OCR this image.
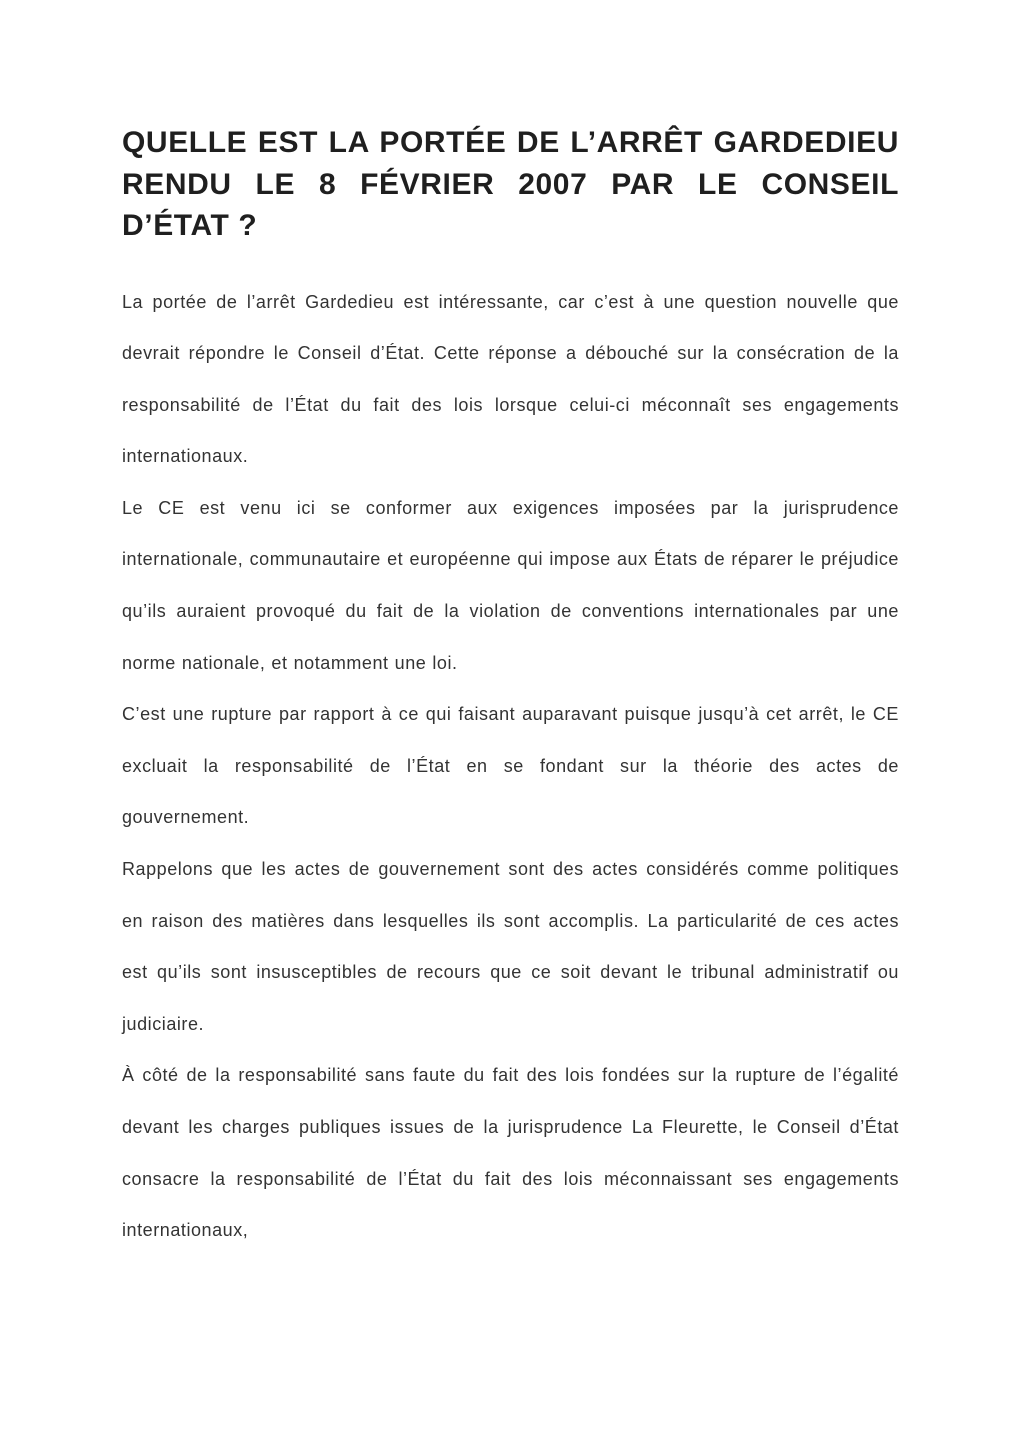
QUELLE EST LA PORTÉE DE L’ARRÊT GARDEDIEU RENDU LE 8 FÉVRIER 2007 PAR LE CONSEIL D’ÉTAT ?

La portée de l’arrêt Gardedieu est intéressante, car c’est à une question nouvelle que devrait répondre le Conseil d’État. Cette réponse a débouché sur la consécration de la responsabilité de l’État du fait des lois lorsque celui-ci méconnaît ses engagements internationaux.

Le CE est venu ici se conformer aux exigences imposées par la jurisprudence internationale, communautaire et européenne qui impose aux États de réparer le préjudice qu’ils auraient provoqué du fait de la violation de conventions internationales par une norme nationale, et notamment une loi.

C’est une rupture par rapport à ce qui faisant auparavant puisque jusqu’à cet arrêt, le CE excluait la responsabilité de l’État en se fondant sur la théorie des actes de gouvernement.

Rappelons que les actes de gouvernement sont des actes considérés comme politiques en raison des matières dans lesquelles ils sont accomplis. La particularité de ces actes est qu’ils sont insusceptibles de recours que ce soit devant le tribunal administratif ou judiciaire.

À côté de la responsabilité sans faute du fait des lois fondées sur la rupture de l’égalité devant les charges publiques issues de la jurisprudence La Fleurette, le Conseil d’État consacre la responsabilité de l’État du fait des lois méconnaissant ses engagements internationaux,
